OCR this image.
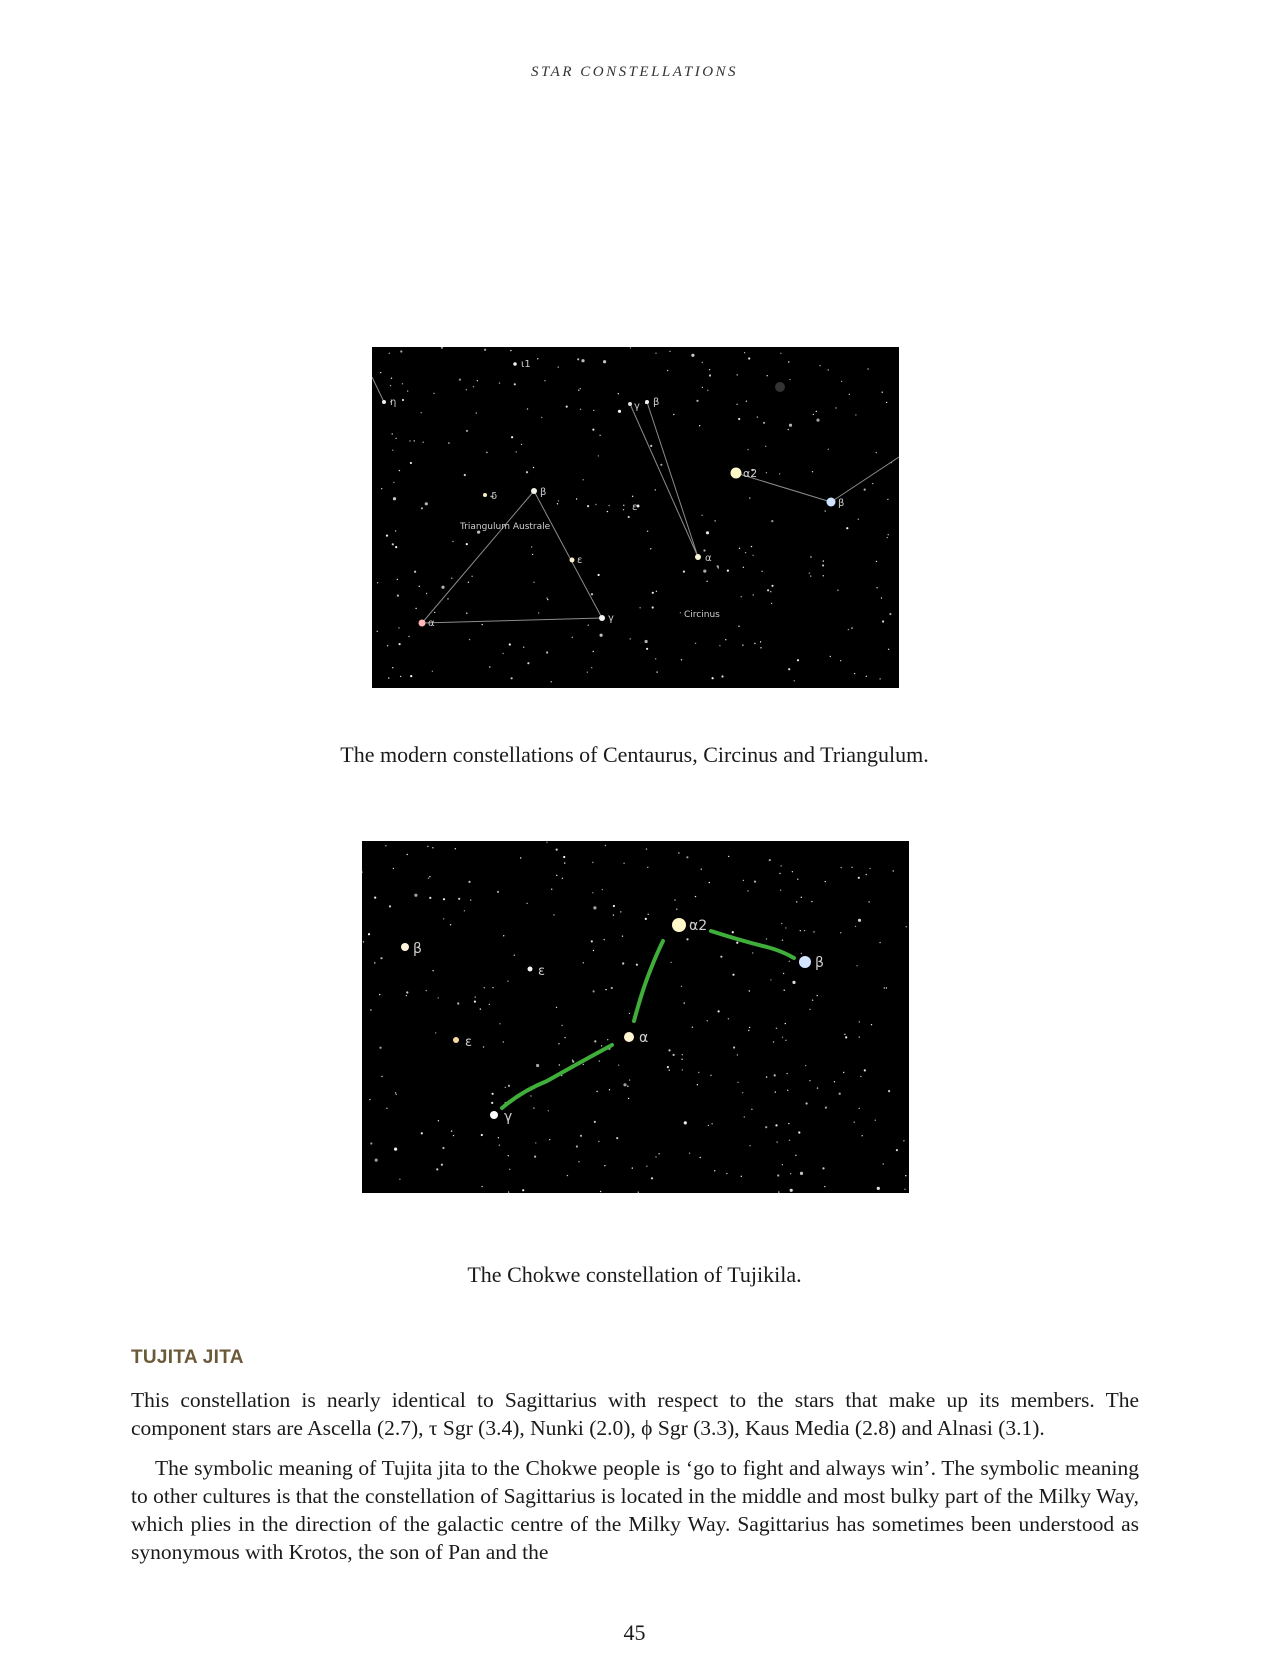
STAR CONSTELLATIONS
ι1
η	γ β
α2
β
δ	β
Triangulum Australe
ε
ε	α
Circinus
α	γ
The modern constellations of Centaurus, Circinus and Triangulum.
β
ε
α2
β
ε	α
γ
The Chokwe constellation of Tujikila.
TUJITA JITA

This constellation is nearly identical to Sagittarius with respect to the stars that make up its members. The component stars are Ascella (2.7), τ Sgr (3.4), Nunki (2.0), ϕ Sgr (3.3), Kaus Media (2.8) and Alnasi (3.1).

The symbolic meaning of Tujita jita to the Chokwe people is ‘go to fight and always win’. The symbolic meaning to other cultures is that the constellation of Sagittarius is located in the middle and most bulky part of the Milky Way, which plies in the direction of the galactic centre of the Milky Way. Sagittarius has sometimes been understood as synonymous with Krotos, the son of Pan and the

45
